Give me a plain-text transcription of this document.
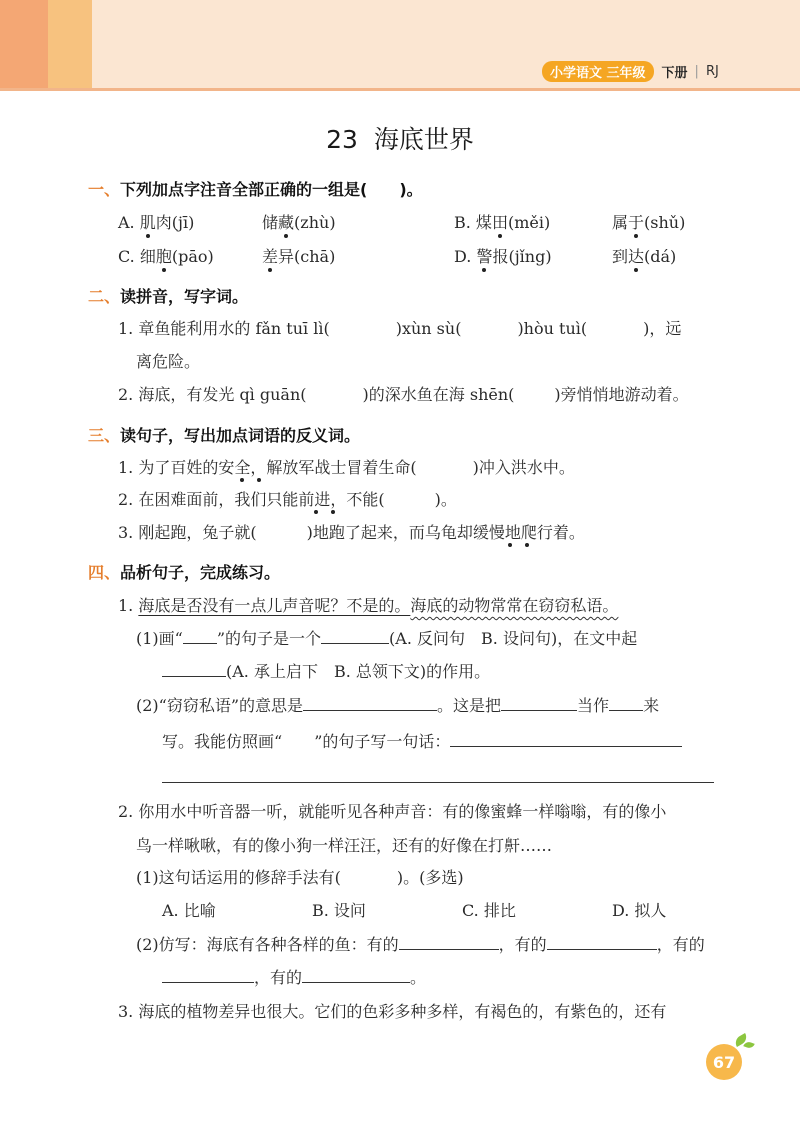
小学语文 三年级	下册 | RJ
23 海底世界
一、下列加点字注音全部正确的一组是(　　)。
A. 肌肉(jī)	储藏(zhù)	B. 煤田(měi)	属于(shǔ)
C. 细胞(pāo)	差异(chā)	D. 警报(jǐng)	到达(dá)
二、读拼音，写字词。
1. 章鱼能利用水的 fǎn tuī lì(	)xùn sù(	)hòu tuì(	)，远
离危险。
2. 海底，有发光 qì guān(	)的深水鱼在海 shēn(	)旁悄悄地游动着。
三、读句子，写出加点词语的反义词。
1. 为了百姓的安全，解放军战士冒着生命(	)冲入洪水中。
2. 在困难面前，我们只能前进，不能(	)。
3. 刚起跑，兔子就(	)地跑了起来，而乌龟却缓慢地爬行着。
四、品析句子，完成练习。
1. 海底是否没有一点儿声音呢？不是的。海底的动物常常在窃窃私语。
(1)画“ ”的句子是一个	(A. 反问句　B. 设问句)，在文中起
(A. 承上启下　B. 总领下文)的作用。
(2)“窃窃私语”的意思是	。这是把	当作 来
写。我能仿照画“ ”的句子写一句话：
2. 你用水中听音器一听，就能听见各种声音：有的像蜜蜂一样嗡嗡，有的像小
鸟一样啾啾，有的像小狗一样汪汪，还有的好像在打鼾……
(1)这句话运用的修辞手法有(	)。(多选)
A. 比喻	B. 设问	C. 排比	D. 拟人
(2)仿写：海底有各种各样的鱼：有的	，有的	，有的
，有的	。
3. 海底的植物差异也很大。它们的色彩多种多样，有褐色的，有紫色的，还有
67
